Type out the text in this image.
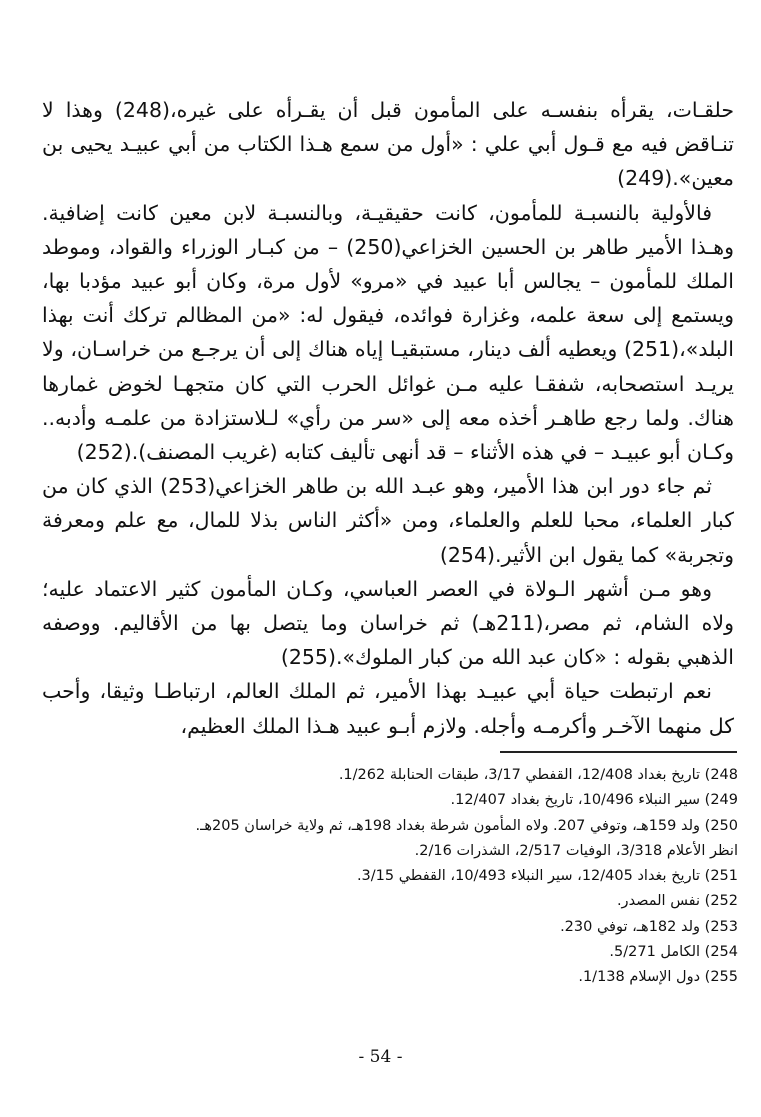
حلقـات، يقرأه بنفسـه على المأمون قبل أن يقـرأه على غيره،(248) وهذا لا تنـاقض فيه مع قـول أبي علي : «أول من سمع هـذا الكتاب من أبي عبيـد يحيى بن معين».(249)

فالأولية بالنسبـة للمأمون، كانت حقيقيـة، وبالنسبـة لابن معين كانت إضافية. وهـذا الأمير طاهر بن الحسين الخزاعي(250) – من كبـار الوزراء والقواد، وموطد الملك للمأمون – يجالس أبا عبيد في «مرو» لأول مرة، وكان أبو عبيد مؤدبا بها، ويستمع إلى سعة علمه، وغزارة فوائده، فيقول له: «من المظالم تركك أنت بهذا البلد»،(251) ويعطيه ألف دينار، مستبقيـا إياه هناك إلى أن يرجـع من خراسـان، ولا يريـد استصحابه، شفقـا عليه مـن غوائل الحرب التي كان متجهـا لخوض غمارها هناك. ولما رجع طاهـر أخذه معه إلى «سر من رأي» لـلاستزادة من علمـه وأدبه.. وكـان أبو عبيـد – في هذه الأثناء – قد أنهى تأليف كتابه (غريب المصنف).(252)

ثم جاء دور ابن هذا الأمير، وهو عبـد الله بن طاهر الخزاعي(253) الذي كان من كبار العلماء، محبا للعلم والعلماء، ومن «أكثر الناس بذلا للمال، مع علم ومعرفة وتجربة» كما يقول ابن الأثير.(254)

وهو مـن أشهر الـولاة في العصر العباسي، وكـان المأمون كثير الاعتماد عليه؛ ولاه الشام، ثم مصر،(211هـ) ثم خراسان وما يتصل بها من الأقاليم. ووصفه الذهبي بقوله : «كان عبد الله من كبار الملوك».(255)

نعم ارتبطت حياة أبي عبيـد بهذا الأمير، ثم الملك العالم، ارتباطـا وثيقا، وأحب كل منهما الآخـر وأكرمـه وأجله. ولازم أبـو عبيد هـذا الملك العظيم،

248) تاريخ بغداد 12/408، القفطي 3/17، طبقات الحنابلة 1/262.

249) سير النبلاء 10/496، تاريخ بغداد 12/407.

250) ولد 159هـ، وتوفي 207. ولاه المأمون شرطة بغداد 198هـ، ثم ولاية خراسان 205هـ.

انظر الأعلام 3/318، الوفيات 2/517، الشذرات 2/16.

251) تاريخ بغداد 12/405، سير النبلاء 10/493، القفطي 3/15.

252) نفس المصدر.

253) ولد 182هـ، توفي 230.

254) الكامل 5/271.

255) دول الإسلام 1/138.

- 54 -
